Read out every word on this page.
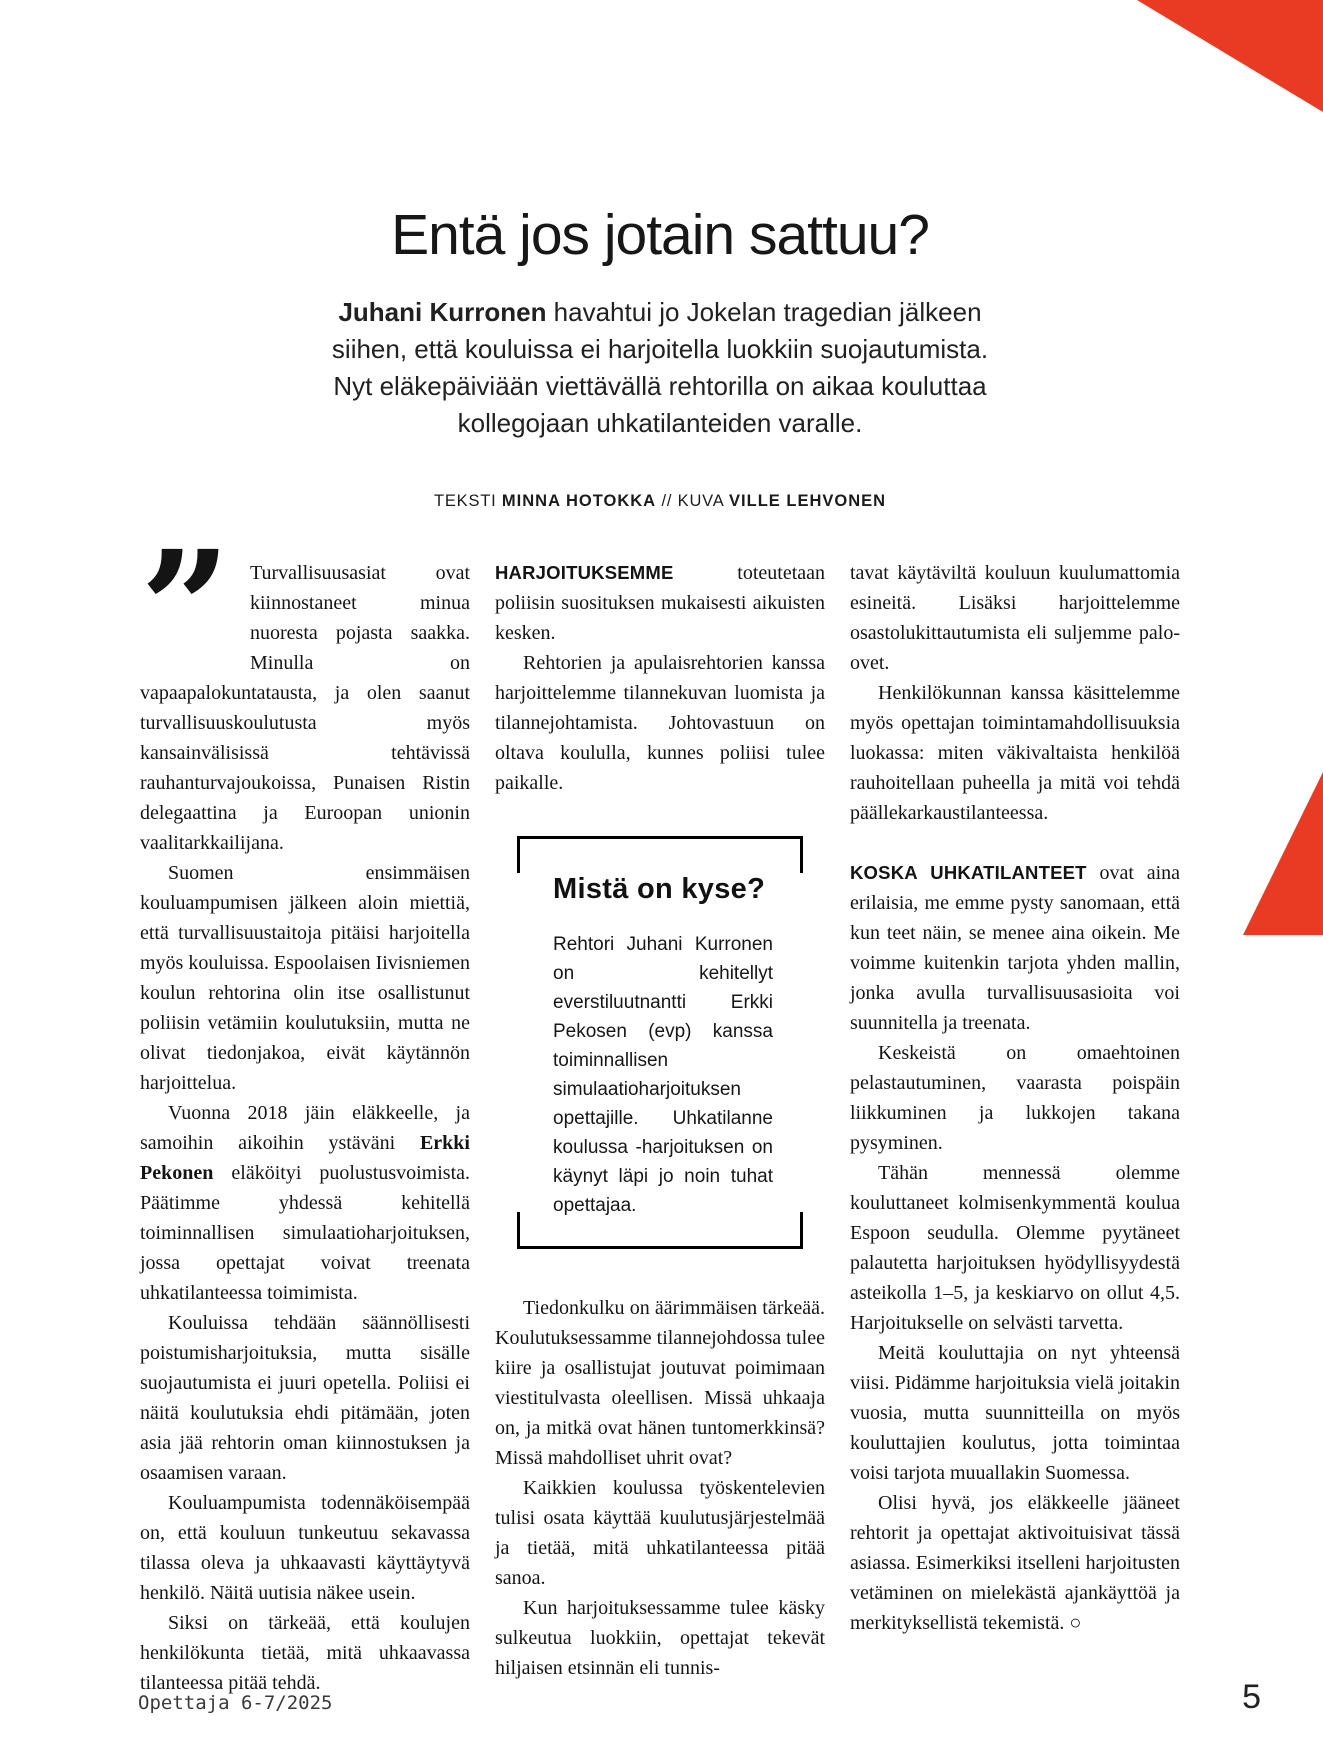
Entä jos jotain sattuu?
Juhani Kurronen havahtui jo Jokelan tragedian jälkeen
siihen, että kouluissa ei harjoitella luokkiin suojautumista.
Nyt eläkepäiviään viettävällä rehtorilla on aikaa kouluttaa
kollegojaan uhkatilanteiden varalle.
TEKSTI MINNA HOTOKKA // KUVA VILLE LEHVONEN

”	Turvallisuusasiat ovat kiinnostaneet minua nuoresta pojasta saakka. Minulla on vapaapalokuntatausta, ja olen saanut turvallisuuskoulutusta myös kansainvälisissä tehtävissä rauhanturvajoukoissa, Punaisen Ristin delegaattina ja Euroopan unionin vaalitarkkailijana.

Suomen ensimmäisen kouluampumisen jälkeen aloin miettiä, että turvallisuustaitoja pitäisi harjoitella myös kouluissa. Espoolaisen Iivisniemen koulun rehtorina olin itse osallistunut poliisin vetämiin koulutuksiin, mutta ne olivat tiedonjakoa, eivät käytännön harjoittelua.

Vuonna 2018 jäin eläkkeelle, ja samoihin aikoihin ystäväni Erkki Pekonen eläköityi puolustusvoimista. Päätimme yhdessä kehitellä toiminnallisen simulaatioharjoituksen, jossa opettajat voivat treenata uhkatilanteessa toimimista.

Kouluissa tehdään säännöllisesti poistumisharjoituksia, mutta sisälle suojautumista ei juuri opetella. Poliisi ei näitä koulutuksia ehdi pitämään, joten asia jää rehtorin oman kiinnostuksen ja osaamisen varaan.

Kouluampumista todennäköisempää on, että kouluun tunkeutuu sekavassa tilassa oleva ja uhkaavasti käyttäytyvä henkilö. Näitä uutisia näkee usein.

Siksi on tärkeää, että koulujen henkilökunta tietää, mitä uhkaavassa tilanteessa pitää tehdä.

HARJOITUKSEMME toteutetaan poliisin suosituksen mukaisesti aikuisten kesken.

Rehtorien ja apulaisrehtorien kanssa harjoittelemme tilannekuvan luomista ja tilannejohtamista. Johtovastuun on oltava koululla, kunnes poliisi tulee paikalle.

Mistä on kyse?

Rehtori Juhani Kurronen on kehitellyt everstiluutnantti Erkki Pekosen (evp) kanssa toiminnallisen simulaatioharjoituksen opettajille. Uhkatilanne koulussa -harjoituksen on käynyt läpi jo noin tuhat opettajaa.

Tiedonkulku on äärimmäisen tärkeää. Koulutuksessamme tilannejohdossa tulee kiire ja osallistujat joutuvat poimimaan viestitulvasta oleellisen. Missä uhkaaja on, ja mitkä ovat hänen tuntomerkkinsä? Missä mahdolliset uhrit ovat?

Kaikkien koulussa työskentelevien tulisi osata käyttää kuulutusjärjestelmää ja tietää, mitä uhkatilanteessa pitää sanoa.

Kun harjoituksessamme tulee käsky sulkeutua luokkiin, opettajat tekevät hiljaisen etsinnän eli tunnis-

tavat käytäviltä kouluun kuulumattomia esineitä. Lisäksi harjoittelemme osastolukittautumista eli suljemme palo-ovet.

Henkilökunnan kanssa käsittelemme myös opettajan toimintamahdollisuuksia luokassa: miten väkivaltaista henkilöä rauhoitellaan puheella ja mitä voi tehdä päällekarkaustilanteessa.

KOSKA UHKATILANTEET ovat aina erilaisia, me emme pysty sanomaan, että kun teet näin, se menee aina oikein. Me voimme kuitenkin tarjota yhden mallin, jonka avulla turvallisuusasioita voi suunnitella ja treenata.

Keskeistä on omaehtoinen pelastautuminen, vaarasta poispäin liikkuminen ja lukkojen takana pysyminen.

Tähän mennessä olemme kouluttaneet kolmisenkymmentä koulua Espoon seudulla. Olemme pyytäneet palautetta harjoituksen hyödyllisyydestä asteikolla 1–5, ja keskiarvo on ollut 4,5. Harjoitukselle on selvästi tarvetta.

Meitä kouluttajia on nyt yhteensä viisi. Pidämme harjoituksia vielä joitakin vuosia, mutta suunnitteilla on myös kouluttajien koulutus, jotta toimintaa voisi tarjota muuallakin Suomessa.

Olisi hyvä, jos eläkkeelle jääneet rehtorit ja opettajat aktivoituisivat tässä asiassa. Esimerkiksi itselleni harjoitusten vetäminen on mielekästä ajankäyttöä ja merkityksellistä tekemistä. ○

Opettaja 6-7/2025	5
